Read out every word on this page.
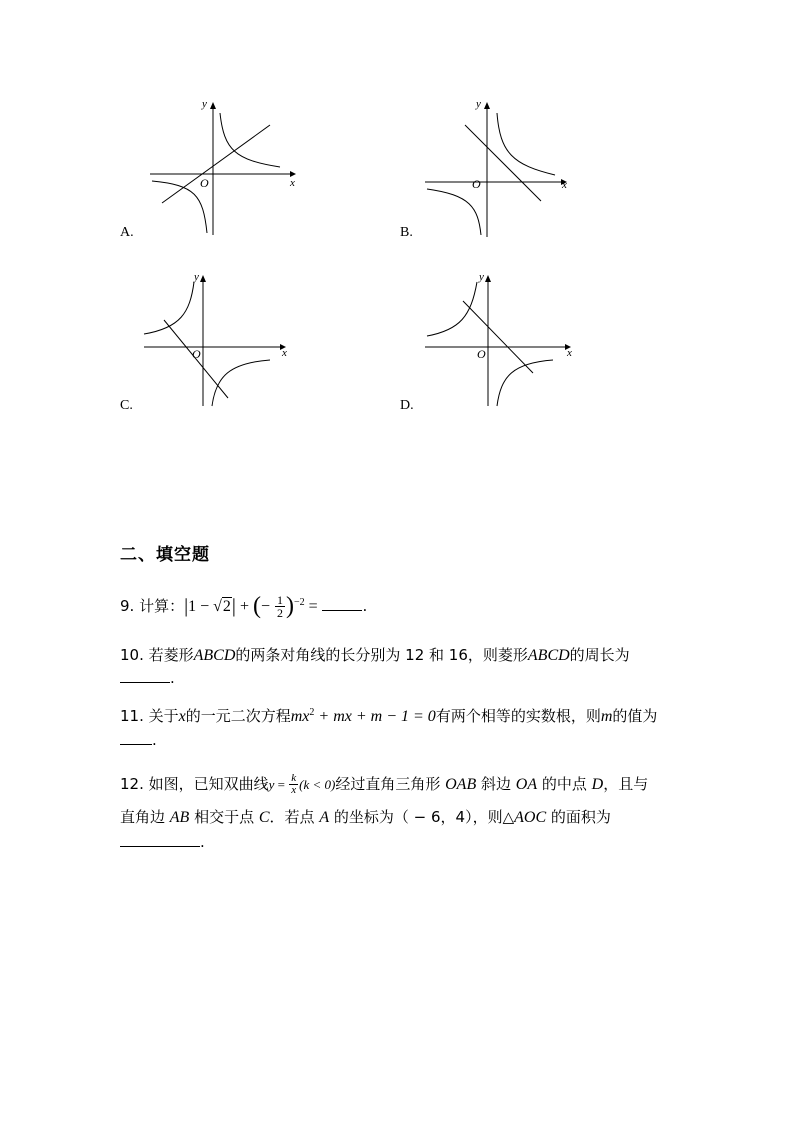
x
y
O
A.
x
y
O
B.
x
y
O
C.
x
y
O
D.
二、填空题
9. 计算：|1 − √2| + (− $\frac{1}{2} )^{-2}$ =	.
10. 若菱形ABCD的两条对角线的长分别为 12 和 16，则菱形ABCD的周长为
.
11. 关于x的一元二次方程$mx^2$ + mx + m − 1 = 0有两个相等的实数根，则m的值为
.
12. 如图，已知双曲线$y = \frac{k}{x} (k < 0)$经过直角三角形 OAB 斜边 OA 的中点 D，且与
直角边 AB 相交于点 C．若点 A 的坐标为（ − 6，4），则△AOC 的面积为
.
